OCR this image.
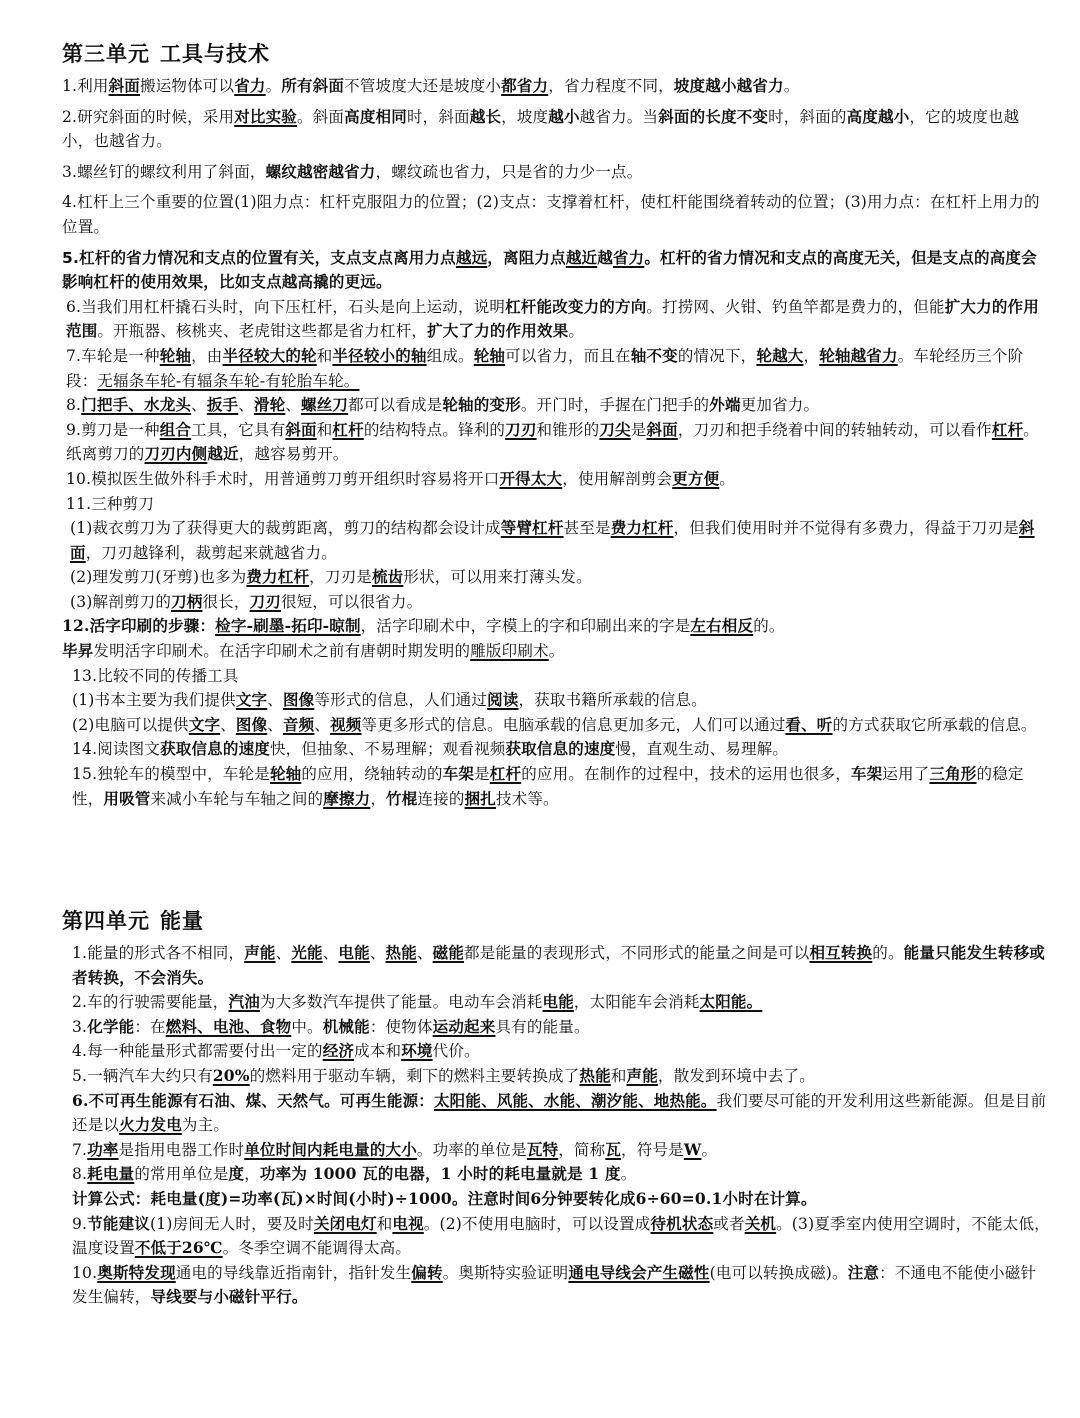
第三单元 工具与技术

1.利用斜面搬运物体可以省力。所有斜面不管坡度大还是坡度小都省力，省力程度不同，坡度越小越省力。

2.研究斜面的时候，采用对比实验。斜面高度相同时，斜面越长，坡度越小越省力。当斜面的长度不变时，斜面的高度越小，它的坡度也越小，也越省力。

3.螺丝钉的螺纹利用了斜面，螺纹越密越省力，螺纹疏也省力，只是省的力少一点。

4.杠杆上三个重要的位置(1)阻力点：杠杆克服阻力的位置；(2)支点：支撑着杠杆，使杠杆能围绕着转动的位置；(3)用力点：在杠杆上用力的位置。

5.杠杆的省力情况和支点的位置有关，支点支点离用力点越远，离阻力点越近越省力。杠杆的省力情况和支点的高度无关，但是支点的高度会影响杠杆的使用效果，比如支点越高撬的更远。

6.当我们用杠杆撬石头时，向下压杠杆，石头是向上运动，说明杠杆能改变力的方向。打捞网、火钳、钓鱼竿都是费力的，但能扩大力的作用范围。开瓶器、核桃夹、老虎钳这些都是省力杠杆，扩大了力的作用效果。

7.车轮是一种轮轴，由半径较大的轮和半径较小的轴组成。轮轴可以省力，而且在轴不变的情况下，轮越大，轮轴越省力。车轮经历三个阶段：无辐条车轮-有辐条车轮-有轮胎车轮。

8.门把手、水龙头、扳手、滑轮、螺丝刀都可以看成是轮轴的变形。开门时，手握在门把手的外端更加省力。

9.剪刀是一种组合工具，它具有斜面和杠杆的结构特点。锋利的刀刃和锥形的刀尖是斜面，刀刃和把手绕着中间的转轴转动，可以看作杠杆。纸离剪刀的刀刃内侧越近，越容易剪开。

10.模拟医生做外科手术时，用普通剪刀剪开组织时容易将开口开得太大，使用解剖剪会更方便。

11.三种剪刀

(1)裁衣剪刀为了获得更大的裁剪距离，剪刀的结构都会设计成等臂杠杆甚至是费力杠杆，但我们使用时并不觉得有多费力，得益于刀刃是斜面，刀刃越锋利，裁剪起来就越省力。

(2)理发剪刀(牙剪)也多为费力杠杆，刀刃是梳齿形状，可以用来打薄头发。

(3)解剖剪刀的刀柄很长，刀刃很短，可以很省力。

12.活字印刷的步骤：检字-刷墨-拓印-晾制，活字印刷术中，字模上的字和印刷出来的字是左右相反的。

毕昇发明活字印刷术。在活字印刷术之前有唐朝时期发明的雕版印刷术。

13.比较不同的传播工具

(1)书本主要为我们提供文字、图像等形式的信息，人们通过阅读，获取书籍所承载的信息。

(2)电脑可以提供文字、图像、音频、视频等更多形式的信息。电脑承载的信息更加多元，人们可以通过看、听的方式获取它所承载的信息。

14.阅读图文获取信息的速度快，但抽象、不易理解；观看视频获取信息的速度慢，直观生动、易理解。

15.独轮车的模型中，车轮是轮轴的应用，绕轴转动的车架是杠杆的应用。在制作的过程中，技术的运用也很多，车架运用了三角形的稳定性，用吸管来减小车轮与车轴之间的摩擦力，竹棍连接的捆扎技术等。

第四单元 能量

1.能量的形式各不相同，声能、光能、电能、热能、磁能都是能量的表现形式，不同形式的能量之间是可以相互转换的。能量只能发生转移或者转换，不会消失。

2.车的行驶需要能量，汽油为大多数汽车提供了能量。电动车会消耗电能，太阳能车会消耗太阳能。

3.化学能：在燃料、电池、食物中。机械能：使物体运动起来具有的能量。

4.每一种能量形式都需要付出一定的经济成本和环境代价。

5.一辆汽车大约只有20%的燃料用于驱动车辆，剩下的燃料主要转换成了热能和声能，散发到环境中去了。

6.不可再生能源有石油、煤、天然气。可再生能源：太阳能、风能、水能、潮汐能、地热能。我们要尽可能的开发利用这些新能源。但是目前还是以火力发电为主。

7.功率是指用电器工作时单位时间内耗电量的大小。功率的单位是瓦特，简称瓦，符号是W。

8.耗电量的常用单位是度，功率为 1000 瓦的电器，1 小时的耗电量就是 1 度。

计算公式：耗电量(度)=功率(瓦)×时间(小时)÷1000。注意时间6分钟要转化成6÷60=0.1小时在计算。

9.节能建议(1)房间无人时，要及时关闭电灯和电视。(2)不使用电脑时，可以设置成待机状态或者关机。(3)夏季室内使用空调时，不能太低，温度设置不低于26℃。冬季空调不能调得太高。

10.奥斯特发现通电的导线靠近指南针，指针发生偏转。奥斯特实验证明通电导线会产生磁性(电可以转换成磁)。注意：不通电不能使小磁针发生偏转，导线要与小磁针平行。
